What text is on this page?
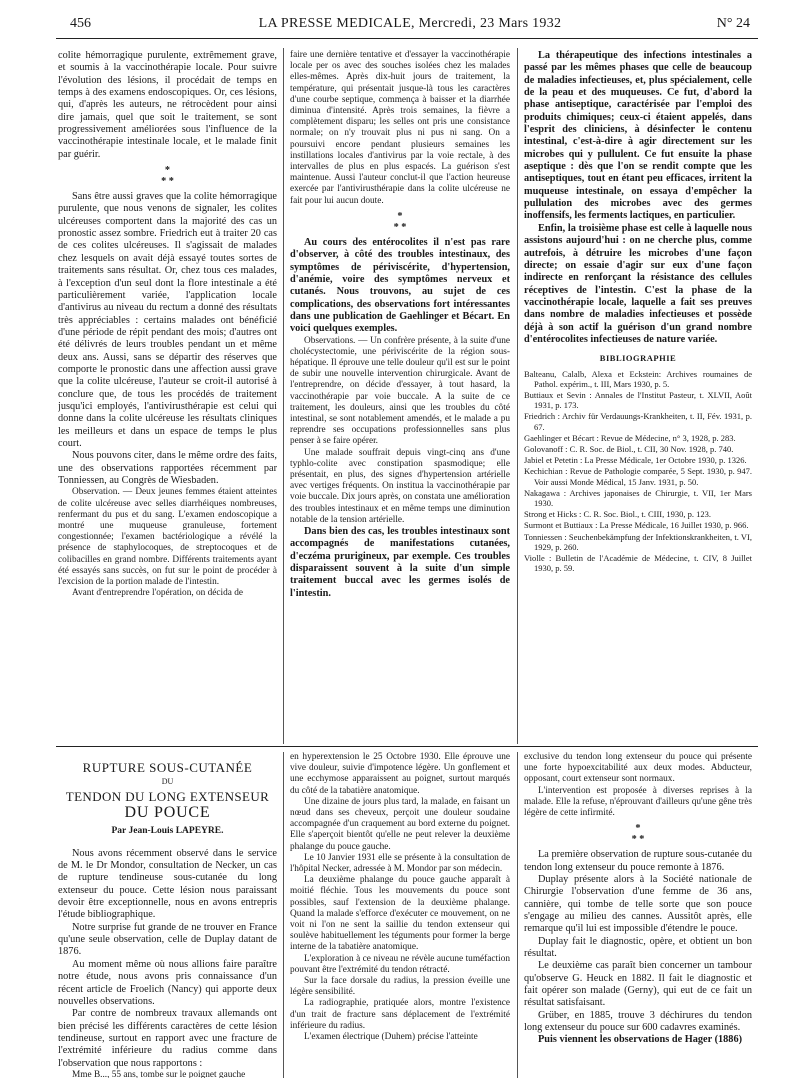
456	LA PRESSE MEDICALE, Mercredi, 23 Mars 1932	N° 24

colite hémorragique purulente, extrêmement grave, et soumis à la vaccinothérapie locale. Pour suivre l'évolution des lésions, il procédait de temps en temps à des examens endoscopiques. Or, ces lésions, qui, d'après les auteurs, ne rétrocèdent pour ainsi dire jamais, quel que soit le traitement, se sont progressivement améliorées sous l'influence de la vaccinothérapie intestinale locale, et le malade finit par guérir.

*
* *

Sans être aussi graves que la colite hémorragique purulente, que nous venons de signaler, les colites ulcéreuses comportent dans la majorité des cas un pronostic assez sombre. Friedrich eut à traiter 20 cas de ces colites ulcéreuses. Il s'agissait de malades chez lesquels on avait déjà essayé toutes sortes de traitements sans résultat. Or, chez tous ces malades, à l'exception d'un seul dont la flore intestinale a été particulièrement variée, l'application locale d'antivirus au niveau du rectum a donné des résultats très appréciables : certains malades ont bénéficié d'une période de répit pendant des mois; d'autres ont été délivrés de leurs troubles pendant un et même deux ans. Aussi, sans se départir des réserves que comporte le pronostic dans une affection aussi grave que la colite ulcéreuse, l'auteur se croit-il autorisé à conclure que, de tous les procédés de traitement jusqu'ici employés, l'antivirusthérapie est celui qui donne dans la colite ulcéreuse les résultats cliniques les meilleurs et dans un espace de temps le plus court.

Nous pouvons citer, dans le même ordre des faits, une des observations rapportées récemment par Tonniessen, au Congrès de Wiesbaden.

Observation. — Deux jeunes femmes étaient atteintes de colite ulcéreuse avec selles diarrhéiques nombreuses, renfermant du pus et du sang. L'examen endoscopique a montré une muqueuse granuleuse, fortement congestionnée; l'examen bactériologique a révélé la présence de staphylocoques, de streptocoques et de colibacilles en grand nombre. Différents traitements ayant été essayés sans succès, on fut sur le point de procéder à l'excision de la portion malade de l'intestin.

Avant d'entreprendre l'opération, on décida de

faire une dernière tentative et d'essayer la vaccinothérapie locale per os avec des souches isolées chez les malades elles-mêmes. Après dix-huit jours de traitement, la température, qui présentait jusque-là tous les caractères d'une courbe septique, commença à baisser et la diarrhée diminua d'intensité. Après trois semaines, la fièvre a complètement disparu; les selles ont pris une consistance normale; on n'y trouvait plus ni pus ni sang. On a poursuivi encore pendant plusieurs semaines les instillations locales d'antivirus par la voie rectale, à des intervalles de plus en plus espacés. La guérison s'est maintenue. Aussi l'auteur conclut-il que l'action heureuse exercée par l'antivirusthérapie dans la colite ulcéreuse ne fait pour lui aucun doute.

*
* *

Au cours des entérocolites il n'est pas rare d'observer, à côté des troubles intestinaux, des symptômes de périviscérite, d'hypertension, d'anémie, voire des symptômes nerveux et cutanés. Nous trouvons, au sujet de ces complications, des observations fort intéressantes dans une publication de Gaehlinger et Bécart. En voici quelques exemples.

Observations. — Un confrère présente, à la suite d'une cholécystectomie, une périviscérite de la région sous-hépatique. Il éprouve une telle douleur qu'il est sur le point de subir une nouvelle intervention chirurgicale. Avant de l'entreprendre, on décide d'essayer, à tout hasard, la vaccinothérapie par voie buccale. A la suite de ce traitement, les douleurs, ainsi que les troubles du côté intestinal, se sont notablement amendés, et le malade a pu reprendre ses occupations professionnelles sans plus penser à se faire opérer.

Une malade souffrait depuis vingt-cinq ans d'une typhlo-colite avec constipation spasmodique; elle présentait, en plus, des signes d'hypertension artérielle avec vertiges fréquents. On institua la vaccinothérapie par voie buccale. Dix jours après, on constata une amélioration des troubles intestinaux et en même temps une diminution notable de la tension artérielle.

Dans bien des cas, les troubles intestinaux sont accompagnés de manifestations cutanées, d'eczéma prurigineux, par exemple. Ces troubles disparaissent souvent à la suite d'un simple traitement buccal avec les germes isolés de l'intestin.

La thérapeutique des infections intestinales a passé par les mêmes phases que celle de beaucoup de maladies infectieuses, et, plus spécialement, celle de la peau et des muqueuses. Ce fut, d'abord la phase antiseptique, caractérisée par l'emploi des produits chimiques; ceux-ci étaient appelés, dans l'esprit des cliniciens, à désinfecter le contenu intestinal, c'est-à-dire à agir directement sur les microbes qui y pullulent. Ce fut ensuite la phase aseptique : dès que l'on se rendit compte que les antiseptiques, tout en étant peu efficaces, irritent la muqueuse intestinale, on essaya d'empêcher la pullulation des microbes avec des germes inoffensifs, les ferments lactiques, en particulier.

Enfin, la troisième phase est celle à laquelle nous assistons aujourd'hui : on ne cherche plus, comme autrefois, à détruire les microbes d'une façon directe; on essaie d'agir sur eux d'une façon indirecte en renforçant la résistance des cellules réceptives de l'intestin. C'est la phase de la vaccinothérapie locale, laquelle a fait ses preuves dans nombre de maladies infectieuses et possède déjà à son actif la guérison d'un grand nombre d'entérocolites infectieuses de nature variée.

BIBLIOGRAPHIE

Balteanu, Calalb, Alexa et Eckstein: Archives roumaines de Pathol. expérim., t. III, Mars 1930, p. 5.

Buttiaux et Sevin : Annales de l'Institut Pasteur, t. XLVII, Août 1931, p. 173.

Friedrich : Archiv für Verdauungs-Krankheiten, t. II, Fév. 1931, p. 67.

Gaehlinger et Bécart : Revue de Médecine, n° 3, 1928, p. 283.

Golovanoff : C. R. Soc. de Biol., t. CII, 30 Nov. 1928, p. 740.

Jabiel et Petetin : La Presse Médicale, 1er Octobre 1930, p. 1326.

Kechichian : Revue de Pathologie comparée, 5 Sept. 1930, p. 947. Voir aussi Monde Médical, 15 Janv. 1931, p. 50.

Nakagawa : Archives japonaises de Chirurgie, t. VII, 1er Mars 1930.

Strong et Hicks : C. R. Soc. Biol., t. CIII, 1930, p. 123.

Surmont et Buttiaux : La Presse Médicale, 16 Juillet 1930, p. 966.

Tonniessen : Seuchenbekämpfung der Infektionskrankheiten, t. VI, 1929, p. 260.

Violle : Bulletin de l'Académie de Médecine, t. CIV, 8 Juillet 1930, p. 59.

RUPTURE SOUS-CUTANÉE
DU
TENDON DU LONG EXTENSEUR
DU POUCE
Par Jean-Louis LAPEYRE.

Nous avons récemment observé dans le service de M. le Dr Mondor, consultation de Necker, un cas de rupture tendineuse sous-cutanée du long extenseur du pouce. Cette lésion nous paraissant devoir être exceptionnelle, nous en avons entrepris l'étude bibliographique.

Notre surprise fut grande de ne trouver en France qu'une seule observation, celle de Duplay datant de 1876.

Au moment même où nous allions faire paraître notre étude, nous avons pris connaissance d'un récent article de Froelich (Nancy) qui apporte deux nouvelles observations.

Par contre de nombreux travaux allemands ont bien précisé les différents caractères de cette lésion tendineuse, surtout en rapport avec une fracture de l'extrémité inférieure du radius comme dans l'observation que nous rapportons :

Mme B..., 55 ans, tombe sur le poignet gauche

en hyperextension le 25 Octobre 1930. Elle éprouve une vive douleur, suivie d'impotence légère. Un gonflement et une ecchymose apparaissent au poignet, surtout marqués du côté de la tabatière anatomique.

Une dizaine de jours plus tard, la malade, en faisant un nœud dans ses cheveux, perçoit une douleur soudaine accompagnée d'un craquement au bord externe du poignet. Elle s'aperçoit bientôt qu'elle ne peut relever la deuxième phalange du pouce gauche.

Le 10 Janvier 1931 elle se présente à la consultation de l'hôpital Necker, adressée à M. Mondor par son médecin.

La deuxième phalange du pouce gauche apparaît à moitié fléchie. Tous les mouvements du pouce sont possibles, sauf l'extension de la deuxième phalange. Quand la malade s'efforce d'exécuter ce mouvement, on ne voit ni l'on ne sent la saillie du tendon extenseur qui soulève habituellement les téguments pour former la berge interne de la tabatière anatomique.

L'exploration à ce niveau ne révèle aucune tuméfaction pouvant être l'extrémité du tendon rétracté.

Sur la face dorsale du radius, la pression éveille une légère sensibilité.

La radiographie, pratiquée alors, montre l'existence d'un trait de fracture sans déplacement de l'extrémité inférieure du radius.

L'examen électrique (Duhem) précise l'atteinte

exclusive du tendon long extenseur du pouce qui présente une forte hypoexcitabilité aux deux modes. Abducteur, opposant, court extenseur sont normaux.

L'intervention est proposée à diverses reprises à la malade. Elle la refuse, n'éprouvant d'ailleurs qu'une gêne très légère de cette infirmité.

*
* *

La première observation de rupture sous-cutanée du tendon long extenseur du pouce remonte à 1876.

Duplay présente alors à la Société nationale de Chirurgie l'observation d'une femme de 36 ans, cannière, qui tombe de telle sorte que son pouce s'engage au milieu des cannes. Aussitôt après, elle remarque qu'il lui est impossible d'étendre le pouce.

Duplay fait le diagnostic, opère, et obtient un bon résultat.

Le deuxième cas paraît bien concerner un tambour qu'observe G. Heuck en 1882. Il fait le diagnostic et fait opérer son malade (Gerny), qui eut de ce fait un résultat satisfaisant.

Grüber, en 1885, trouve 3 déchirures du tendon long extenseur du pouce sur 600 cadavres examinés.

Puis viennent les observations de Hager (1886)
